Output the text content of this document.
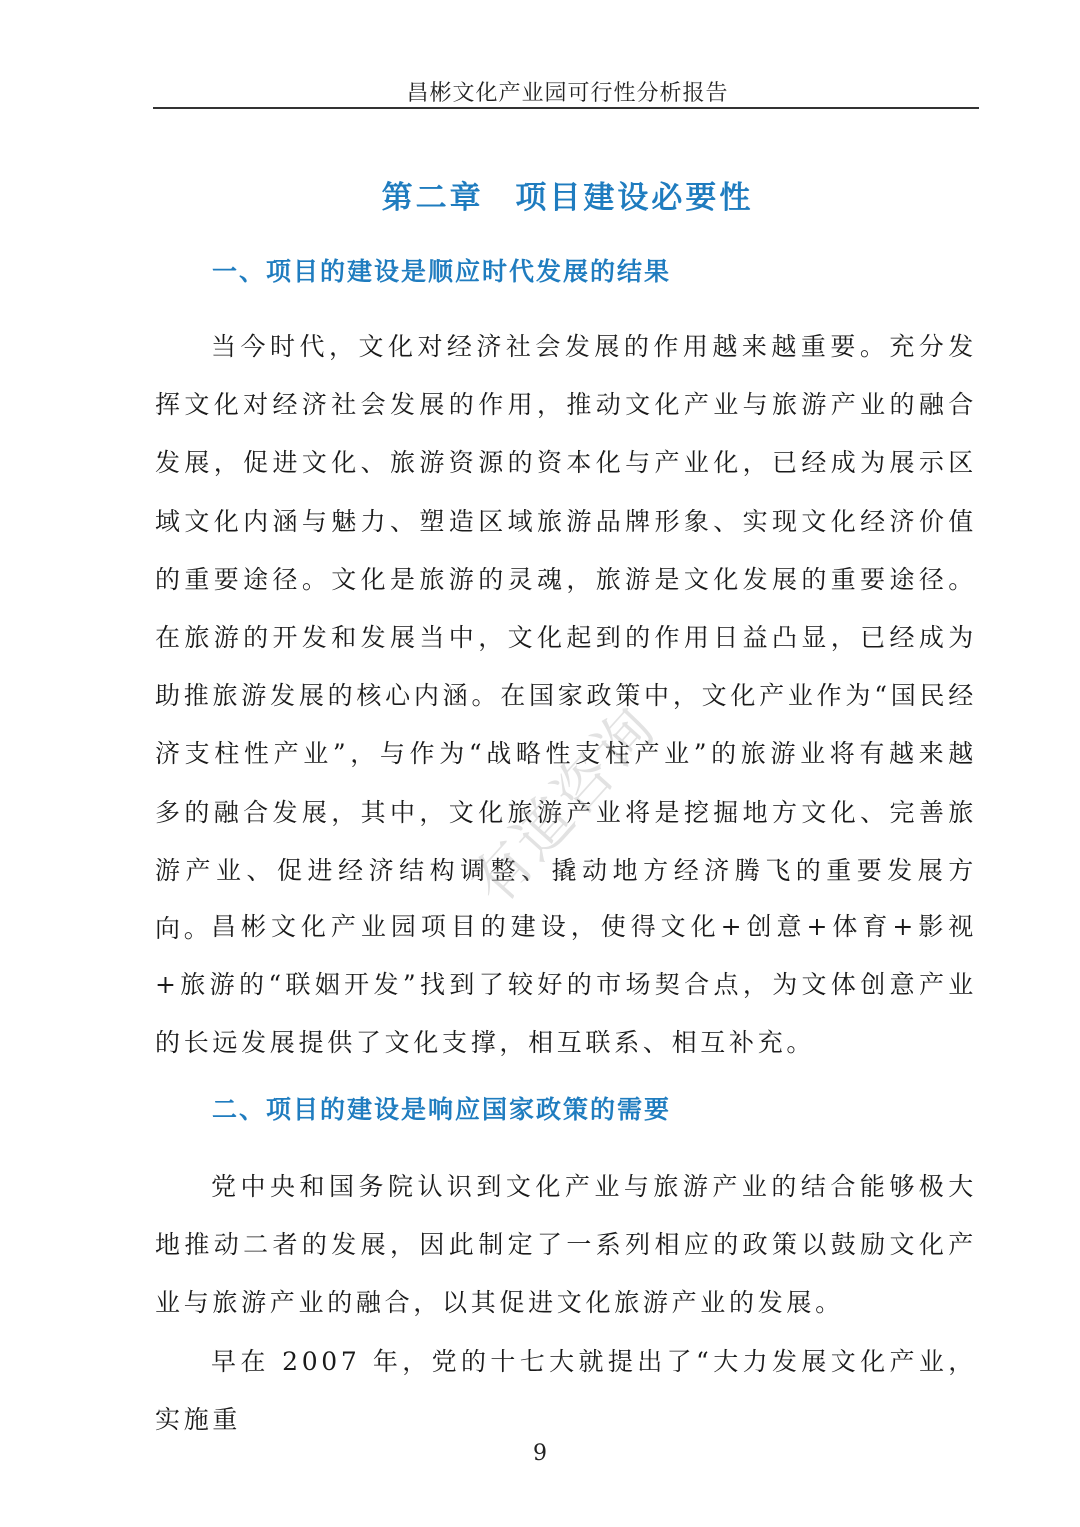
昌彬文化产业园可行性分析报告
第二章 项目建设必要性
一、项目的建设是顺应时代发展的结果

当今时代，文化对经济社会发展的作用越来越重要。充分发挥文化对经济社会发展的作用，推动文化产业与旅游产业的融合发展，促进文化、旅游资源的资本化与产业化，已经成为展示区域文化内涵与魅力、塑造区域旅游品牌形象、实现文化经济价值的重要途径。文化是旅游的灵魂，旅游是文化发展的重要途径。在旅游的开发和发展当中，文化起到的作用日益凸显，已经成为助推旅游发展的核心内涵。在国家政策中，文化产业作为“国民经济支柱性产业”，与作为“战略性支柱产业”的旅游业将有越来越多的融合发展，其中，文化旅游产业将是挖掘地方文化、完善旅游产业、促进经济结构调整、撬动地方经济腾飞的重要发展方向。

昌彬文化产业园项目的建设，使得文化+创意+体育+影视+旅游的“联姻开发”找到了较好的市场契合点，为文体创意产业的长远发展提供了文化支撑，相互联系、相互补充。

二、项目的建设是响应国家政策的需要

党中央和国务院认识到文化产业与旅游产业的结合能够极大地推动二者的发展，因此制定了一系列相应的政策以鼓励文化产业与旅游产业的融合，以其促进文化旅游产业的发展。

早在 2007 年，党的十七大就提出了“大力发展文化产业，实施重

有道咨询
9
